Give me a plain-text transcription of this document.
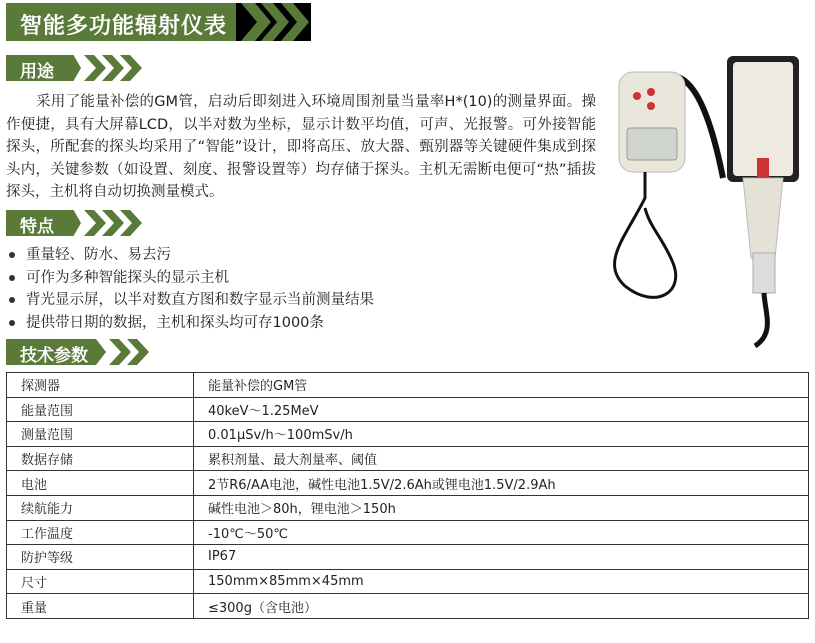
智能多功能辐射仪表
用途
采用了能量补偿的GM管，启动后即刻进入环境周围剂量当量率H*(10)的测量界面。操作便捷，具有大屏幕LCD，以半对数为坐标，显示计数平均值，可声、光报警。可外接智能探头，所配套的探头均采用了“智能”设计，即将高压、放大器、甄别器等关键硬件集成到探头内，关键参数（如设置、刻度、报警设置等）均存储于探头。主机无需断电便可“热”插拔探头，主机将自动切换测量模式。
特点
重量轻、防水、易去污
可作为多种智能探头的显示主机
背光显示屏，以半对数直方图和数字显示当前测量结果
提供带日期的数据，主机和探头均可存1000条
技术参数
探测器	能量补偿的GM管
能量范围	40keV～1.25MeV
测量范围	0.01μSv/h～100mSv/h
数据存储	累积剂量、最大剂量率、阈值
电池	2节R6/AA电池，碱性电池1.5V/2.6Ah或锂电池1.5V/2.9Ah
续航能力	碱性电池＞80h，锂电池＞150h
工作温度	-10℃～50℃
防护等级	IP67
尺寸	150mm×85mm×45mm
重量	≤300g（含电池）
